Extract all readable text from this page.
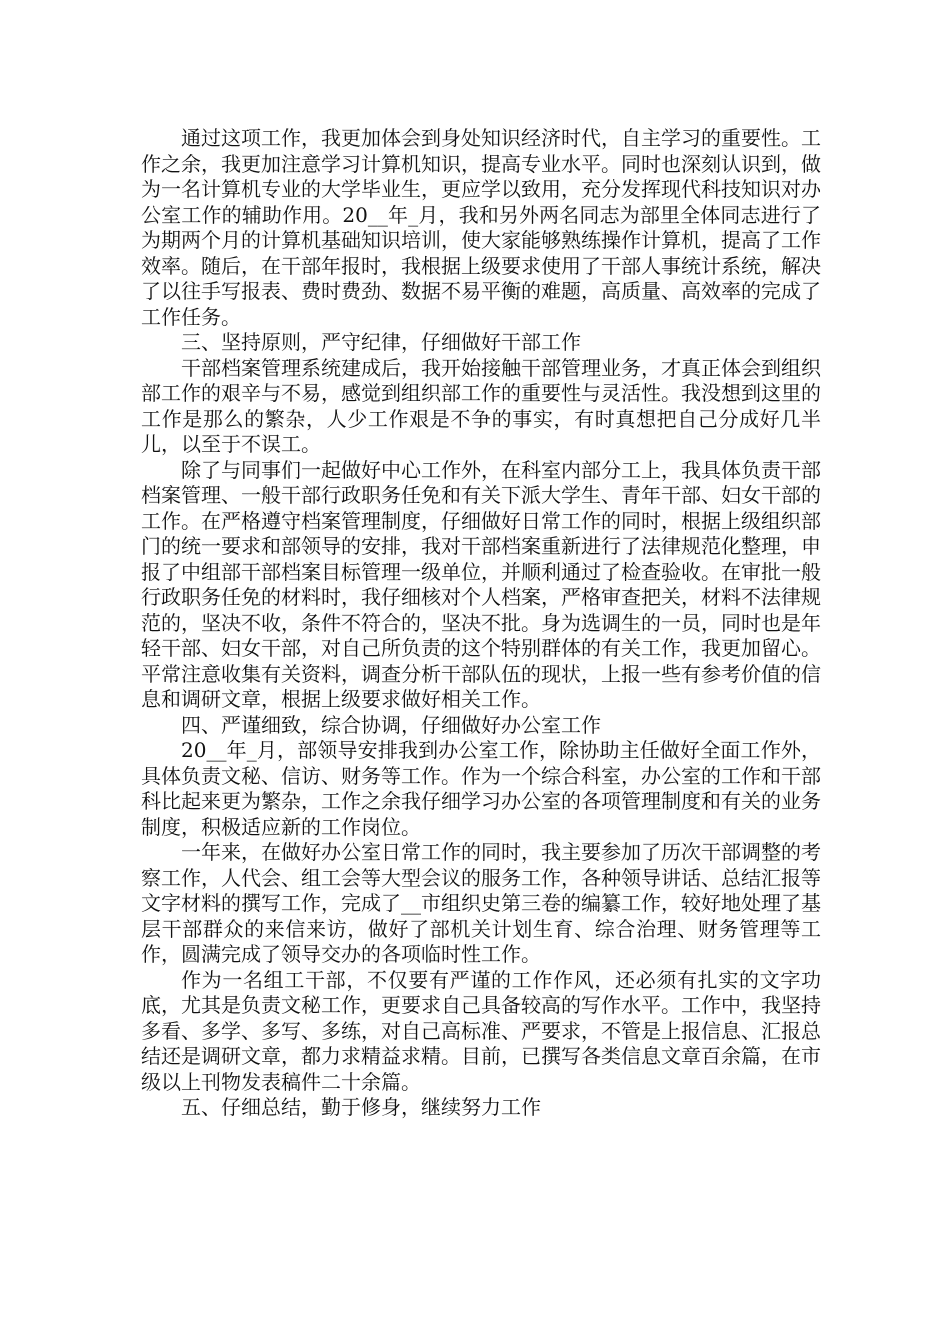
通过这项工作，我更加体会到身处知识经济时代，自主学习的重要性。工作之余，我更加注意学习计算机知识，提高专业水平。同时也深刻认识到，做为一名计算机专业的大学毕业生，更应学以致用，充分发挥现代科技知识对办公室工作的辅助作用。20__年_月，我和另外两名同志为部里全体同志进行了为期两个月的计算机基础知识培训，使大家能够熟练操作计算机，提高了工作效率。随后，在干部年报时，我根据上级要求使用了干部人事统计系统，解决了以往手写报表、费时费劲、数据不易平衡的难题，高质量、高效率的完成了工作任务。

三、坚持原则，严守纪律，仔细做好干部工作

干部档案管理系统建成后，我开始接触干部管理业务，才真正体会到组织部工作的艰辛与不易，感觉到组织部工作的重要性与灵活性。我没想到这里的工作是那么的繁杂，人少工作艰是不争的事实，有时真想把自己分成好几半儿，以至于不误工。

除了与同事们一起做好中心工作外，在科室内部分工上，我具体负责干部档案管理、一般干部行政职务任免和有关下派大学生、青年干部、妇女干部的工作。在严格遵守档案管理制度，仔细做好日常工作的同时，根据上级组织部门的统一要求和部领导的安排，我对干部档案重新进行了法律规范化整理，申报了中组部干部档案目标管理一级单位，并顺利通过了检查验收。在审批一般行政职务任免的材料时，我仔细核对个人档案，严格审查把关，材料不法律规范的，坚决不收，条件不符合的，坚决不批。身为选调生的一员，同时也是年轻干部、妇女干部，对自己所负责的这个特别群体的有关工作，我更加留心。平常注意收集有关资料，调查分析干部队伍的现状，上报一些有参考价值的信息和调研文章，根据上级要求做好相关工作。

四、严谨细致，综合协调，仔细做好办公室工作

20__年_月，部领导安排我到办公室工作，除协助主任做好全面工作外，具体负责文秘、信访、财务等工作。作为一个综合科室，办公室的工作和干部科比起来更为繁杂，工作之余我仔细学习办公室的各项管理制度和有关的业务制度，积极适应新的工作岗位。

一年来，在做好办公室日常工作的同时，我主要参加了历次干部调整的考察工作，人代会、组工会等大型会议的服务工作，各种领导讲话、总结汇报等文字材料的撰写工作，完成了__市组织史第三卷的编纂工作，较好地处理了基层干部群众的来信来访，做好了部机关计划生育、综合治理、财务管理等工作，圆满完成了领导交办的各项临时性工作。

作为一名组工干部，不仅要有严谨的工作作风，还必须有扎实的文字功底，尤其是负责文秘工作，更要求自己具备较高的写作水平。工作中，我坚持多看、多学、多写、多练，对自己高标准、严要求，不管是上报信息、汇报总结还是调研文章，都力求精益求精。目前，已撰写各类信息文章百余篇，在市级以上刊物发表稿件二十余篇。

五、仔细总结，勤于修身，继续努力工作
